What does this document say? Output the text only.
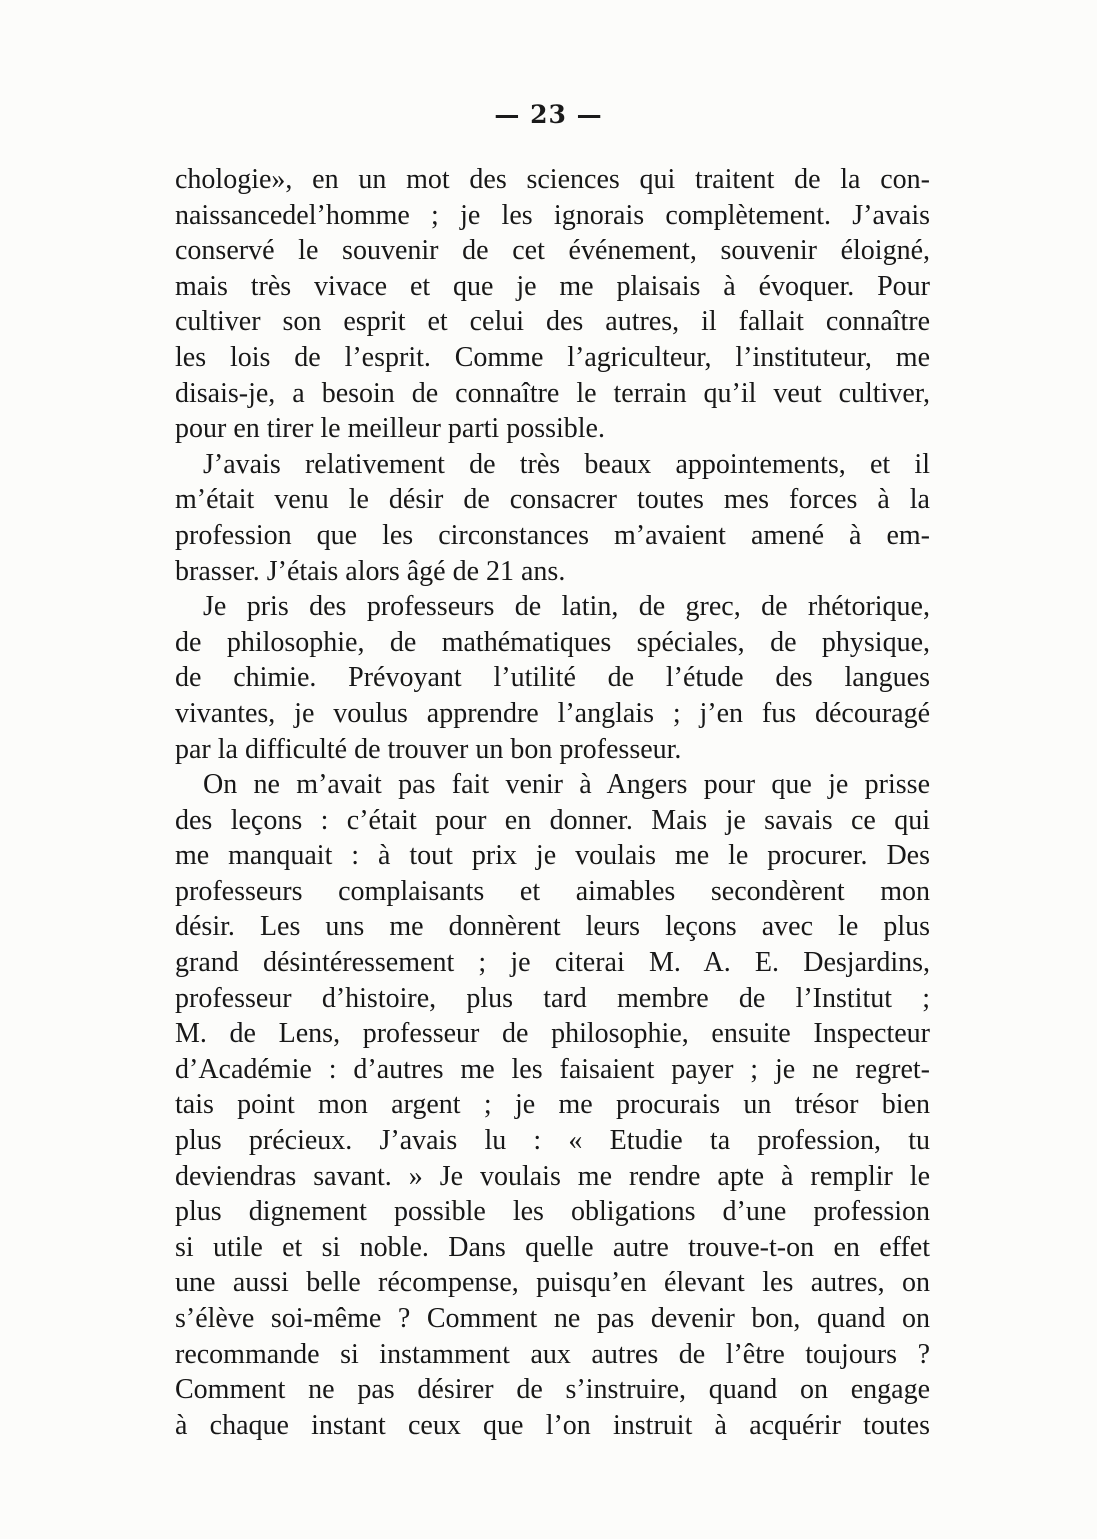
— 23 —
chologie», en un mot des sciences qui traitent de la con-
naissancedel’homme ; je les ignorais complètement. J’avais
conservé le souvenir de cet événement, souvenir éloigné,
mais très vivace et que je me plaisais à évoquer. Pour
cultiver son esprit et celui des autres, il fallait connaître
les lois de l’esprit. Comme l’agriculteur, l’instituteur, me
disais-je, a besoin de connaître le terrain qu’il veut cultiver,
pour en tirer le meilleur parti possible.
J’avais relativement de très beaux appointements, et il
m’était venu le désir de consacrer toutes mes forces à la
profession que les circonstances m’avaient amené à em-
brasser. J’étais alors âgé de 21 ans.
Je pris des professeurs de latin, de grec, de rhétorique,
de philosophie, de mathématiques spéciales, de physique,
de chimie. Prévoyant l’utilité de l’étude des langues
vivantes, je voulus apprendre l’anglais ; j’en fus découragé
par la difficulté de trouver un bon professeur.
On ne m’avait pas fait venir à Angers pour que je prisse
des leçons : c’était pour en donner. Mais je savais ce qui
me manquait : à tout prix je voulais me le procurer. Des
professeurs complaisants et aimables secondèrent mon
désir. Les uns me donnèrent leurs leçons avec le plus
grand désintéressement ; je citerai M. A. E. Desjardins,
professeur d’histoire, plus tard membre de l’Institut ;
M. de Lens, professeur de philosophie, ensuite Inspecteur
d’Académie : d’autres me les faisaient payer ; je ne regret-
tais point mon argent ; je me procurais un trésor bien
plus précieux. J’avais lu : « Etudie ta profession, tu
deviendras savant. » Je voulais me rendre apte à remplir le
plus dignement possible les obligations d’une profession
si utile et si noble. Dans quelle autre trouve-t-on en effet
une aussi belle récompense, puisqu’en élevant les autres, on
s’élève soi-même ? Comment ne pas devenir bon, quand on
recommande si instamment aux autres de l’être toujours ?
Comment ne pas désirer de s’instruire, quand on engage
à chaque instant ceux que l’on instruit à acquérir toutes
